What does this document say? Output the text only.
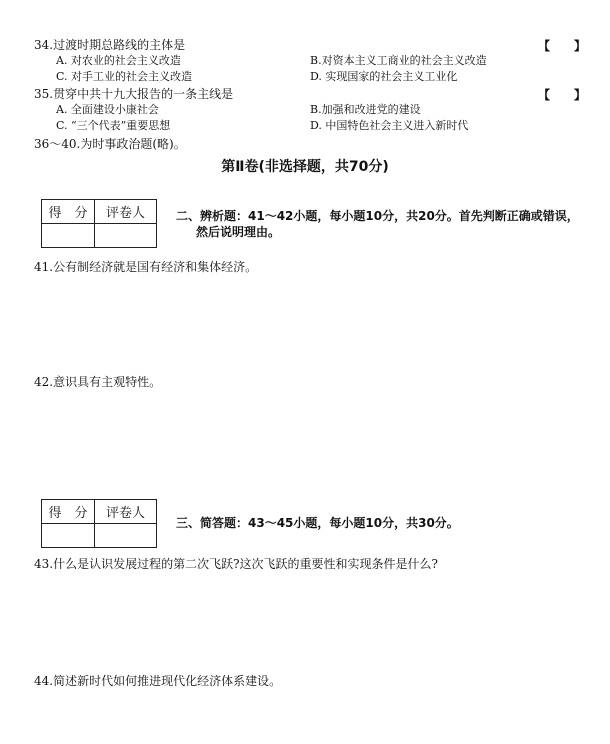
34.过渡时期总路线的主体是	【　　】
A. 对农业的社会主义改造	B.对资本主义工商业的社会主义改造
C. 对手工业的社会主义改造	D. 实现国家的社会主义工业化
35.贯穿中共十九大报告的一条主线是	【　　】
A. 全面建设小康社会	B.加强和改进党的建设
C. “三个代表”重要思想	D. 中国特色社会主义进入新时代
36～40.为时事政治题(略)。
第Ⅱ卷(非选择题，共70分)
得　分	评卷人
		二、辨析题：41～42小题，每小题10分，共20分。首先判断正确或错误，
然后说明理由。
41.公有制经济就是国有经济和集体经济。
42.意识具有主观特性。
得　分	评卷人

三、简答题：43～45小题，每小题10分，共30分。
43.什么是认识发展过程的第二次飞跃?这次飞跃的重要性和实现条件是什么?
44.简述新时代如何推进现代化经济体系建设。
